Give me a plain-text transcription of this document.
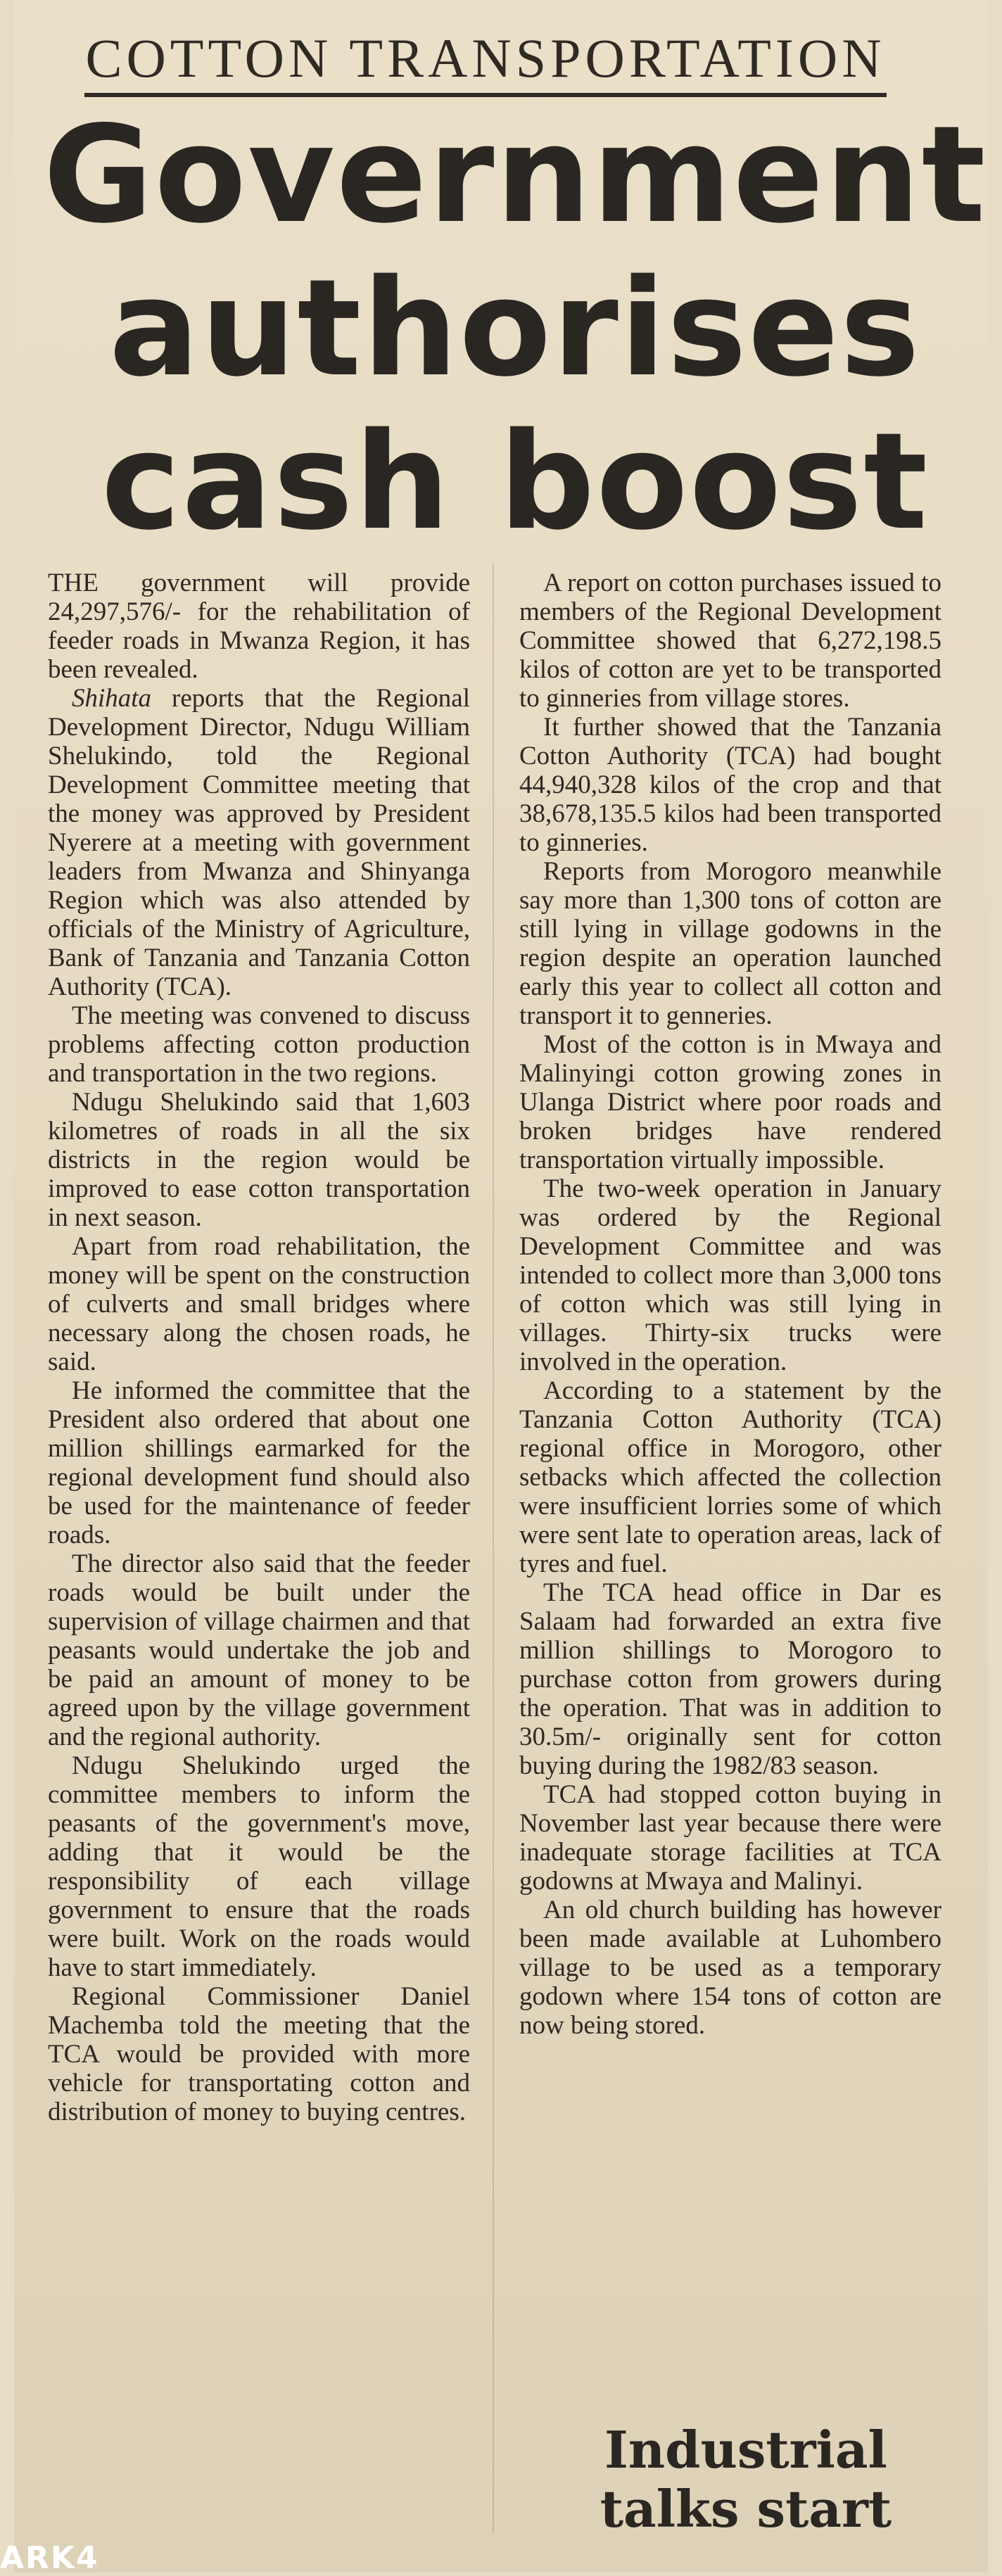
COTTON TRANSPORTATION
Government
authorises
cash boost

THE government will provide 24,297,576/- for the rehabilitation of feeder roads in Mwanza Region, it has been revealed.

Shihata reports that the Regional Development Director, Ndugu William Shelukindo, told the Regional Development Committee meeting that the money was approved by President Nyerere at a meeting with government leaders from Mwanza and Shinyanga Region which was also attended by officials of the Ministry of Agriculture, Bank of Tanzania and Tanzania Cotton Authority (TCA).

The meeting was convened to discuss problems affecting cotton production and transportation in the two regions.

Ndugu Shelukindo said that 1,603 kilometres of roads in all the six districts in the region would be improved to ease cotton transportation in next season.

Apart from road rehabilitation, the money will be spent on the construction of culverts and small bridges where necessary along the chosen roads, he said.

He informed the committee that the President also ordered that about one million shillings earmarked for the regional development fund should also be used for the maintenance of feeder roads.

The director also said that the feeder roads would be built under the supervision of village chairmen and that peasants would undertake the job and be paid an amount of money to be agreed upon by the village government and the regional authority.

Ndugu Shelukindo urged the committee members to inform the peasants of the government's move, adding that it would be the responsibility of each village government to ensure that the roads were built. Work on the roads would have to start immediately.

Regional Commissioner Daniel Machemba told the meeting that the TCA would be provided with more vehicle for transportating cotton and distribution of money to buying centres.

A report on cotton purchases issued to members of the Regional Development Committee showed that 6,272,198.5 kilos of cotton are yet to be transported to ginneries from village stores.

It further showed that the Tanzania Cotton Authority (TCA) had bought 44,940,328 kilos of the crop and that 38,678,135.5 kilos had been transported to ginneries.

Reports from Morogoro meanwhile say more than 1,300 tons of cotton are still lying in village godowns in the region despite an operation launched early this year to collect all cotton and transport it to genneries.

Most of the cotton is in Mwaya and Malinyingi cotton growing zones in Ulanga District where poor roads and broken bridges have rendered transportation virtually impossible.

The two-week operation in January was ordered by the Regional Development Committee and was intended to collect more than 3,000 tons of cotton which was still lying in villages. Thirty-six trucks were involved in the operation.

According to a statement by the Tanzania Cotton Authority (TCA) regional office in Morogoro, other setbacks which affected the collection were insufficient lorries some of which were sent late to operation areas, lack of tyres and fuel.

The TCA head office in Dar es Salaam had forwarded an extra five million shillings to Morogoro to purchase cotton from growers during the operation. That was in addition to 30.5m/- originally sent for cotton buying during the 1982/83 season.

TCA had stopped cotton buying in November last year because there were inadequate storage facilities at TCA godowns at Mwaya and Malinyi.

An old church building has however been made available at Luhombero village to be used as a temporary godown where 154 tons of cotton are now being stored.

Industrial
talks start
ARK4
